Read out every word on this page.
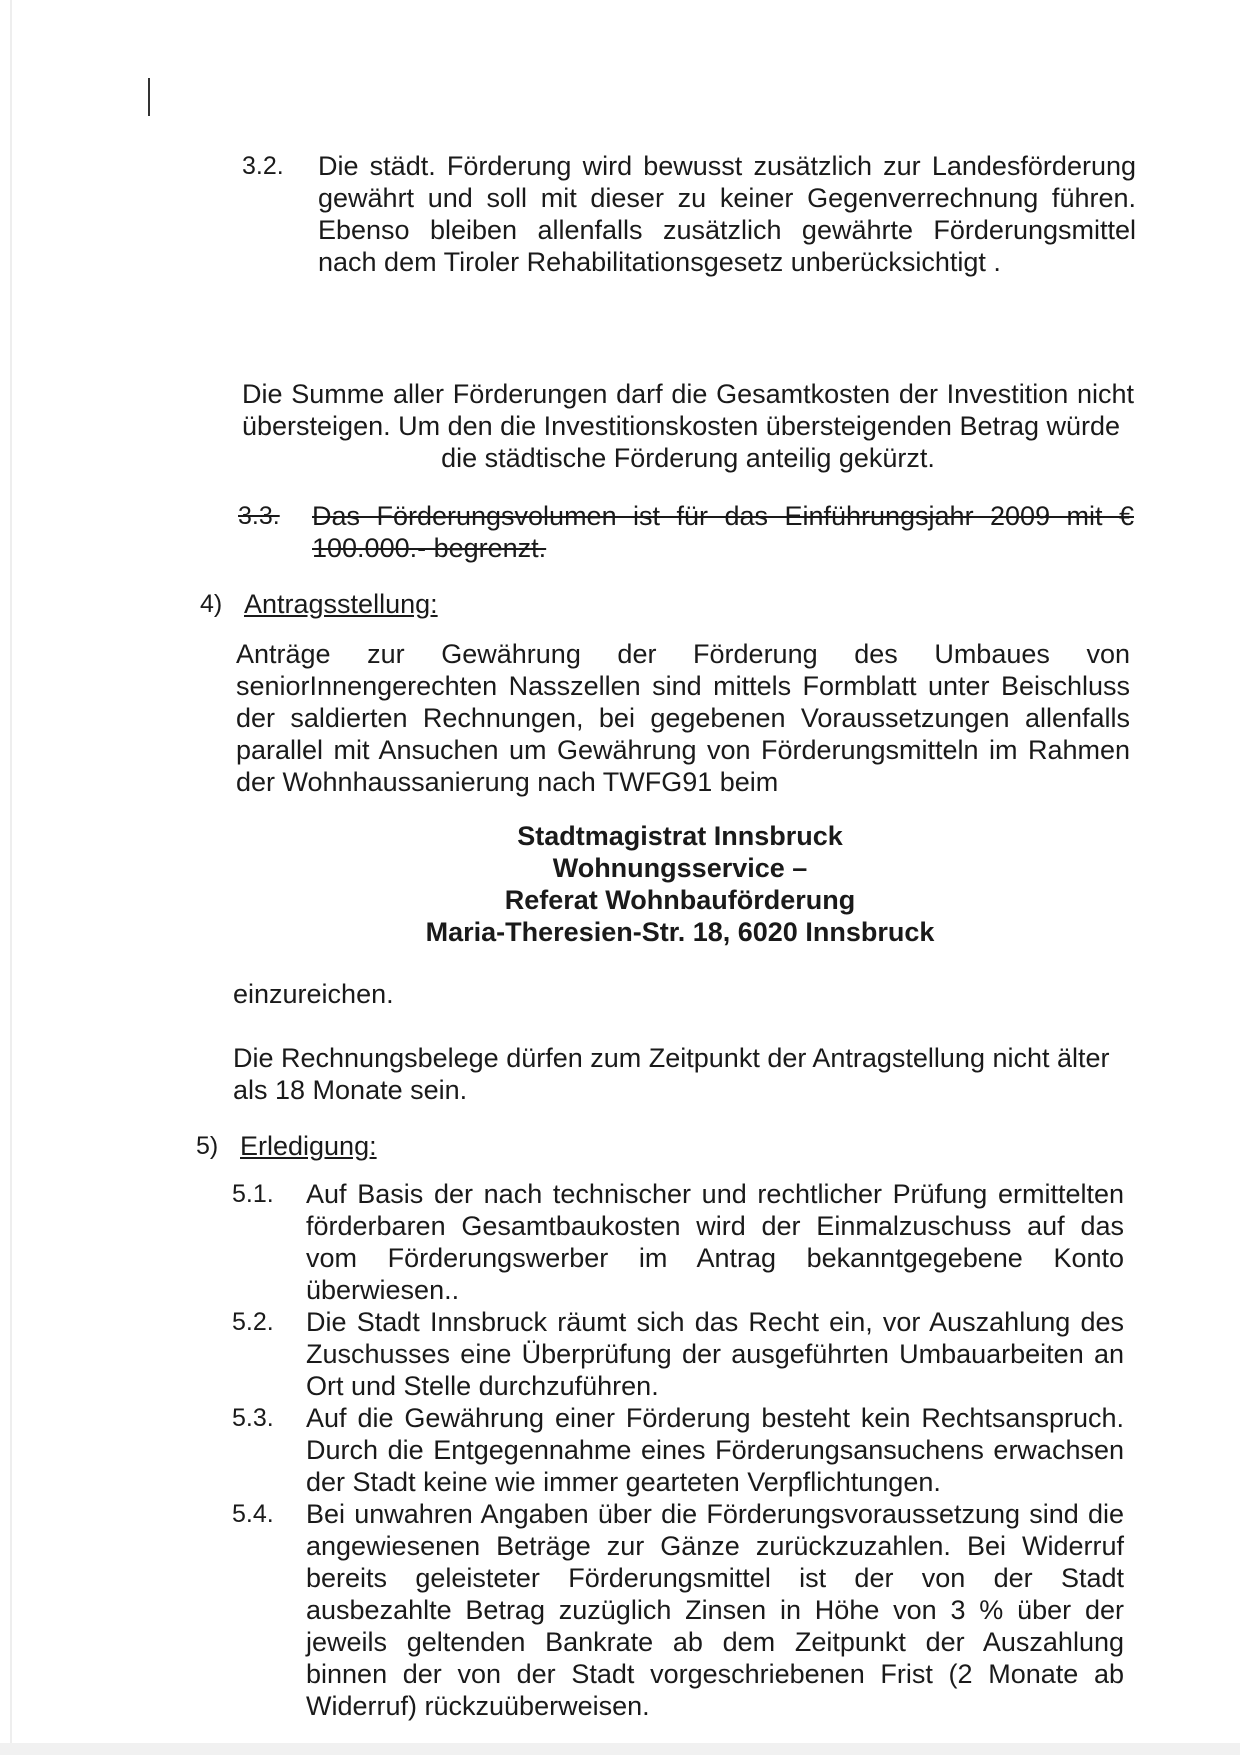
3.2. Die städt. Förderung wird bewusst zusätzlich zur Landesförderung gewährt und soll mit dieser zu keiner Gegenverrechnung führen. Ebenso bleiben allenfalls zusätzlich gewährte Förderungsmittel nach dem Tiroler Rehabilitationsgesetz unberücksichtigt .
Die Summe aller Förderungen darf die Gesamtkosten der Investition nicht übersteigen. Um den die Investitionskosten übersteigenden Betrag würde
die städtische Förderung anteilig gekürzt.
3.3. Das Förderungsvolumen ist für das Einführungsjahr 2009 mit € 100.000.- begrenzt.
4) Antragsstellung:
Anträge zur Gewährung der Förderung des Umbaues von seniorInnengerechten Nasszellen sind mittels Formblatt unter Beischluss der saldierten Rechnungen, bei gegebenen Voraussetzungen allenfalls parallel mit Ansuchen um Gewährung von Förderungsmitteln im Rahmen der Wohnhaussanierung nach TWFG91 beim
Stadtmagistrat Innsbruck
Wohnungsservice –
Referat Wohnbauförderung
Maria-Theresien-Str. 18, 6020 Innsbruck
einzureichen.
Die Rechnungsbelege dürfen zum Zeitpunkt der Antragstellung nicht älter als 18 Monate sein.
5) Erledigung:
5.1. Auf Basis der nach technischer und rechtlicher Prüfung ermittelten förderbaren Gesamtbaukosten wird der Einmalzuschuss auf das vom Förderungswerber im Antrag bekanntgegebene Konto überwiesen..
5.2. Die Stadt Innsbruck räumt sich das Recht ein, vor Auszahlung des Zuschusses eine Überprüfung der ausgeführten Umbauarbeiten an Ort und Stelle durchzuführen.
5.3. Auf die Gewährung einer Förderung besteht kein Rechtsanspruch. Durch die Entgegennahme eines Förderungsansuchens erwachsen der Stadt keine wie immer gearteten Verpflichtungen.
5.4. Bei unwahren Angaben über die Förderungsvoraussetzung sind die angewiesenen Beträge zur Gänze zurückzuzahlen. Bei Widerruf bereits geleisteter Förderungsmittel ist der von der Stadt ausbezahlte Betrag zuzüglich Zinsen in Höhe von 3 % über der jeweils geltenden Bankrate ab dem Zeitpunkt der Auszahlung binnen der von der Stadt vorgeschriebenen Frist (2 Monate ab Widerruf) rückzuüberweisen.
